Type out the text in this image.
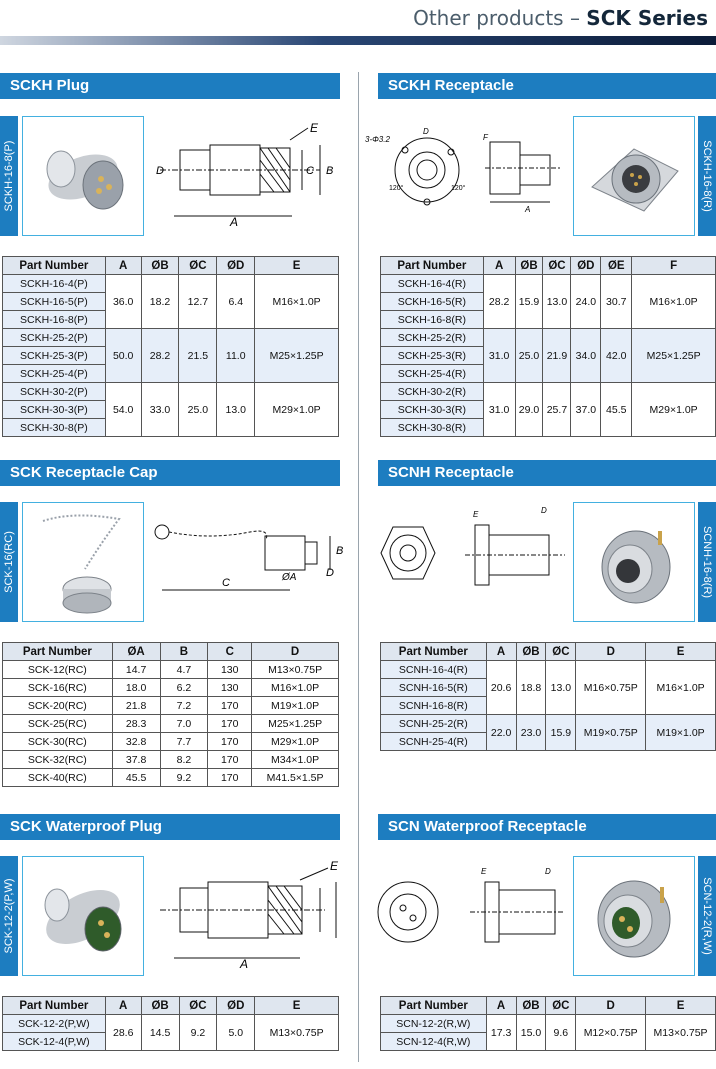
Other products – SCK Series
SCKH Plug
SCKH-16-8(P)
A
E
B
C
D
Part Number	A	ØB	ØC	ØD	E
SCKH-16-4(P)	36.0	18.2	12.7	6.4	M16×1.0P
SCKH-16-5(P)					
SCKH-16-8(P)					
SCKH-25-2(P)	50.0	28.2	21.5	11.0	M25×1.25P
SCKH-25-3(P)					
SCKH-25-4(P)					
SCKH-30-2(P)	54.0	33.0	25.0	13.0	M29×1.0P
SCKH-30-3(P)					
SCKH-30-8(P)					
SCKH Receptacle
SCKH-16-8(R)
3-Φ3.2
D
F
A
120°	120°
Part Number	A	ØB	ØC	ØD	ØE	F
SCKH-16-4(R)	28.2	15.9	13.0	24.0	30.7	M16×1.0P
SCKH-16-5(R)						
SCKH-16-8(R)						
SCKH-25-2(R)	31.0	25.0	21.9	34.0	42.0	M25×1.25P
SCKH-25-3(R)						
SCKH-25-4(R)						
SCKH-30-2(R)	31.0	29.0	25.7	37.0	45.5	M29×1.0P
SCKH-30-3(R)						
SCKH-30-8(R)						
SCK Receptacle Cap
SCK-16(RC)	C
B
D
ØA
Part Number	ØA	B	C	D
SCK-12(RC)	14.7	4.7	130	M13×0.75P
SCK-16(RC)	18.0	6.2	130	M16×1.0P
SCK-20(RC)	21.8	7.2	170	M19×1.0P
SCK-25(RC)	28.3	7.0	170	M25×1.25P
SCK-30(RC)	32.8	7.7	170	M29×1.0P
SCK-32(RC)	37.8	8.2	170	M34×1.0P
SCK-40(RC)	45.5	9.2	170	M41.5×1.5P
SCNH Receptacle
SCNH-16-8(R)
E	D
Part Number	A	ØB	ØC	D	E
SCNH-16-4(R)	20.6	18.8	13.0	M16×0.75P	M16×1.0P
SCNH-16-5(R)					
SCNH-16-8(R)					
SCNH-25-2(R)	22.0	23.0	15.9	M19×0.75P	M19×1.0P
SCNH-25-4(R)					
SCK Waterproof Plug
SCK-12-2(P,W)
A
E
Part Number	A	ØB	ØC	ØD	E
SCK-12-2(P,W)	28.6	14.5	9.2	5.0	M13×0.75P
SCK-12-4(P,W)					
SCN Waterproof Receptacle
SCN-12-2(R,W)
E	D
Part Number	A	ØB	ØC	D	E
SCN-12-2(R,W)	17.3	15.0	9.6	M12×0.75P	M13×0.75P
SCN-12-4(R,W)					
